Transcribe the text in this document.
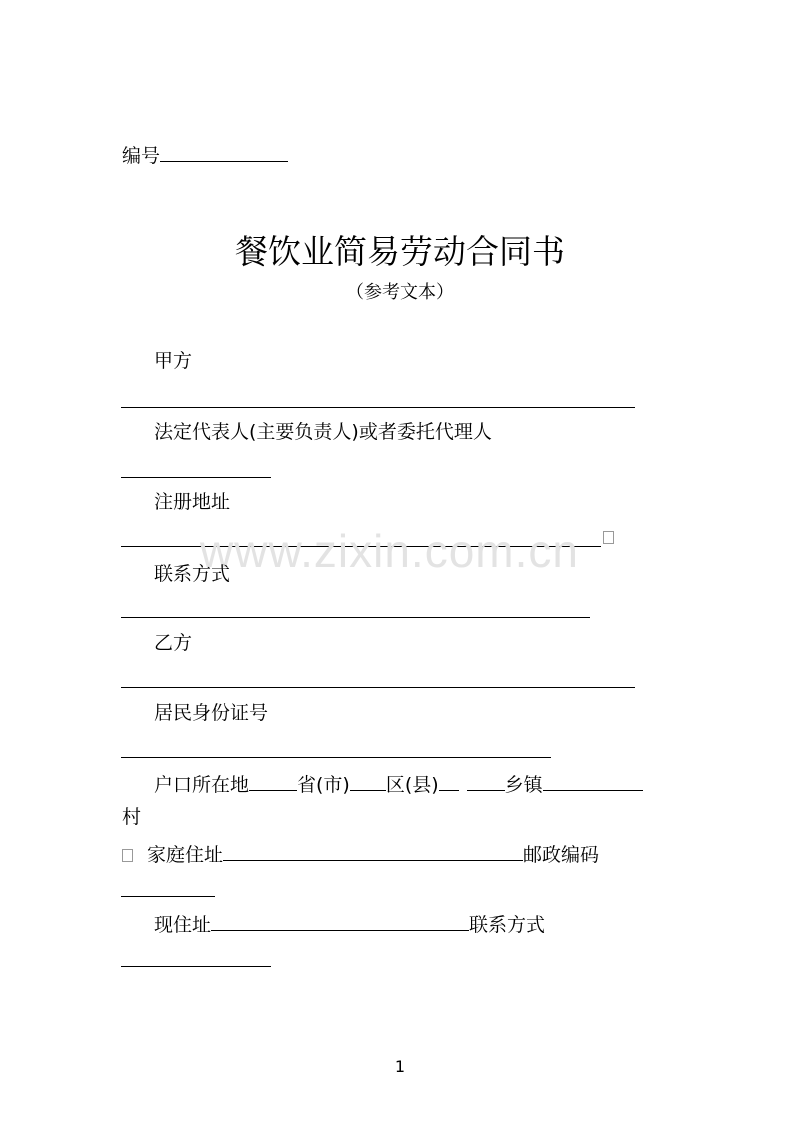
编号
餐饮业简易劳动合同书
（参考文本）
甲方
法定代表人(主要负责人)或者委托代理人
注册地址
www.zixin.com.cn
联系方式
乙方
居民身份证号
户口所在地	省(市) 区(县)	乡镇
村
家庭住址	邮政编码
现住址	联系方式
1
